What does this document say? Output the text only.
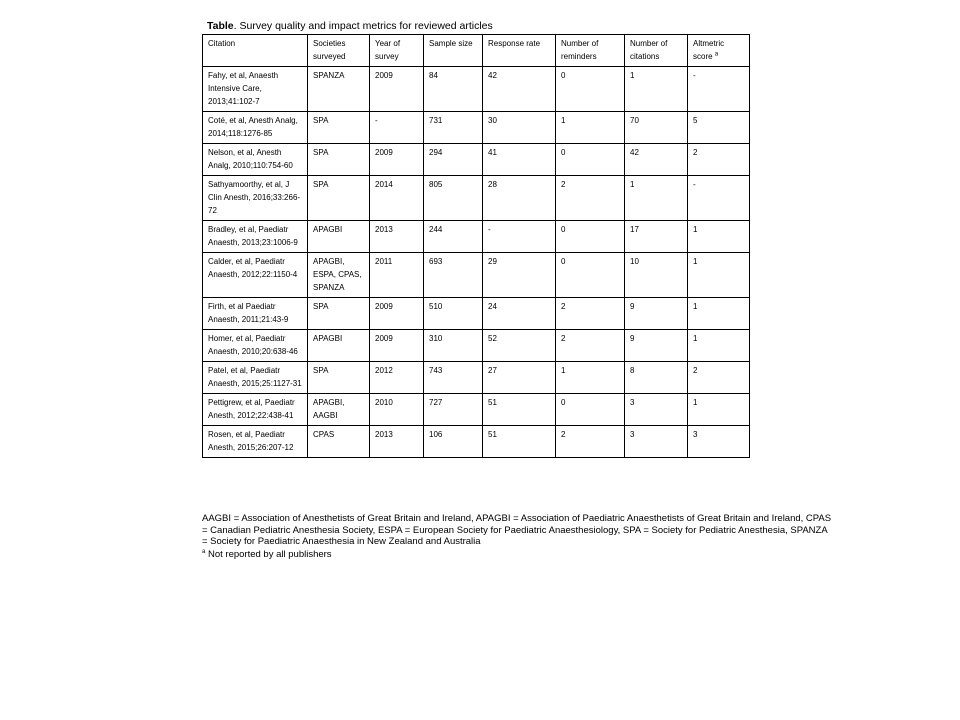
Table. Survey quality and impact metrics for reviewed articles
Citation	Societies surveyed	Year of survey	Sample size	Response rate	Number of reminders	Number of citations	Altmetric score $^a$
Fahy, et al, Anaesth Intensive Care, 2013;41:102-7	SPANZA	2009	84	42	0	1	-
Coté, et al, Anesth Analg, 2014;118:1276-85	SPA	-	731	30	1	70	5
Nelson, et al, Anesth Analg, 2010;110:754-60	SPA	2009	294	41	0	42	2
Sathyamoorthy, et al, J Clin Anesth, 2016;33:266-72	SPA	2014	805	28	2	1	-
Bradley, et al, Paediatr Anaesth, 2013;23:1006-9	APAGBI	2013	244	-	0	17	1
Calder, et al, Paediatr Anaesth, 2012;22:1150-4	APAGBI, ESPA, CPAS, SPANZA	2011	693	29	0	10	1
Firth, et al Paediatr Anaesth, 2011;21:43-9	SPA	2009	510	24	2	9	1
Homer, et al, Paediatr Anaesth, 2010;20:638-46	APAGBI	2009	310	52	2	9	1
Patel, et al, Paediatr Anaesth, 2015;25:1127-31	SPA	2012	743	27	1	8	2
Pettigrew, et al, Paediatr Anesth, 2012;22:438-41	APAGBI, AAGBI	2010	727	51	0	3	1
Rosen, et al, Paediatr Anesth, 2015;26:207-12	CPAS	2013	106	51	2	3	3
AAGBI = Association of Anesthetists of Great Britain and Ireland, APAGBI = Association of Paediatric Anaesthetists of Great Britain and Ireland, CPAS = Canadian Pediatric Anesthesia Society, ESPA = European Society for Paediatric Anaesthesiology, SPA = Society for Pediatric Anesthesia, SPANZA = Society for Paediatric Anaesthesia in New Zealand and Australia
$^a$ Not reported by all publishers
